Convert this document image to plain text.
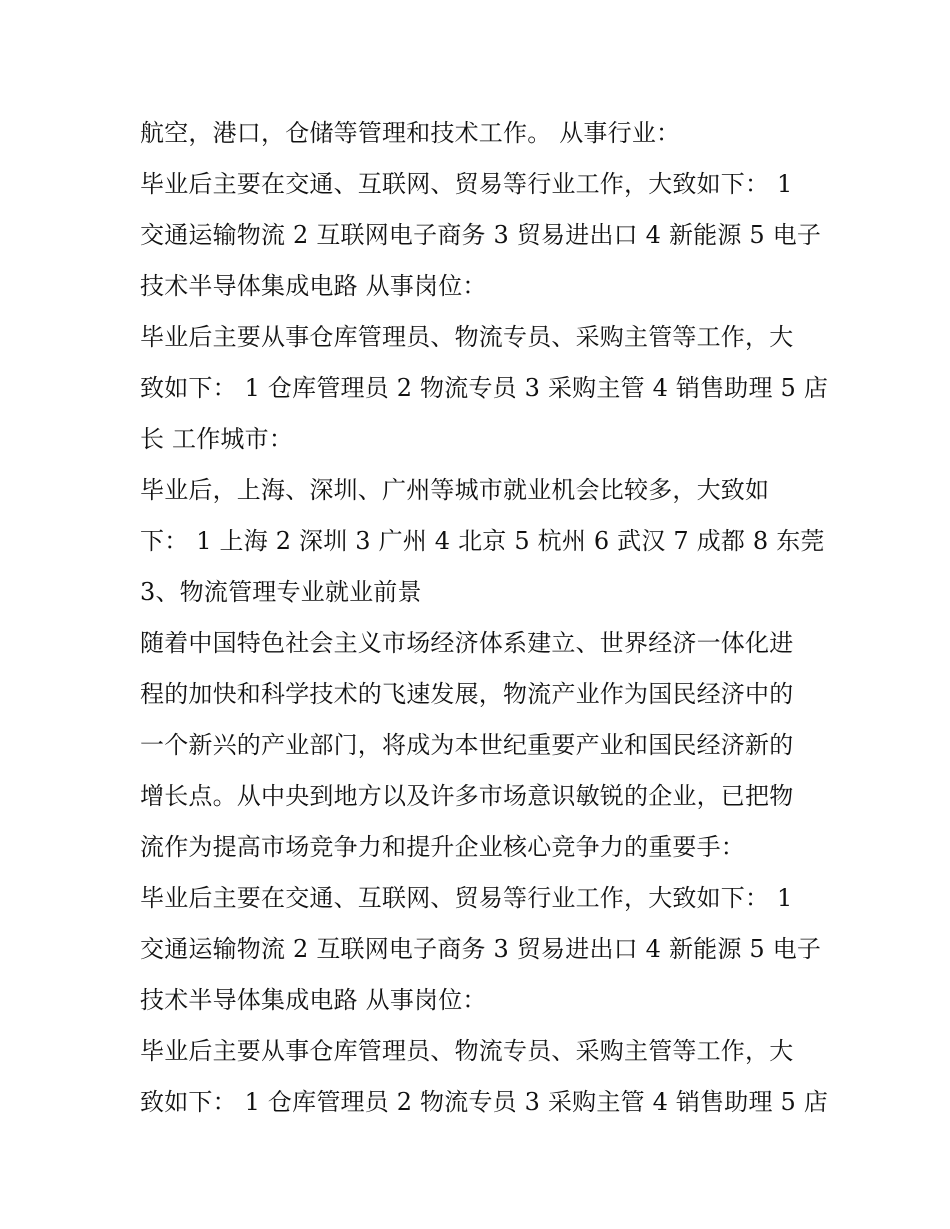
航空，港口，仓储等管理和技术工作。 从事行业：
毕业后主要在交通、互联网、贸易等行业工作，大致如下： 1
交通运输物流 2 互联网电子商务 3 贸易进出口 4 新能源 5 电子
技术半导体集成电路 从事岗位：
毕业后主要从事仓库管理员、物流专员、采购主管等工作，大
致如下： 1 仓库管理员 2 物流专员 3 采购主管 4 销售助理 5 店
长 工作城市：
毕业后，上海、深圳、广州等城市就业机会比较多，大致如
下： 1 上海 2 深圳 3 广州 4 北京 5 杭州 6 武汉 7 成都 8 东莞
3、物流管理专业就业前景
随着中国特色社会主义市场经济体系建立、世界经济一体化进
程的加快和科学技术的飞速发展，物流产业作为国民经济中的
一个新兴的产业部门，将成为本世纪重要产业和国民经济新的
增长点。从中央到地方以及许多市场意识敏锐的企业，已把物
流作为提高市场竞争力和提升企业核心竞争力的重要手：
毕业后主要在交通、互联网、贸易等行业工作，大致如下： 1
交通运输物流 2 互联网电子商务 3 贸易进出口 4 新能源 5 电子
技术半导体集成电路 从事岗位：
毕业后主要从事仓库管理员、物流专员、采购主管等工作，大
致如下： 1 仓库管理员 2 物流专员 3 采购主管 4 销售助理 5 店
